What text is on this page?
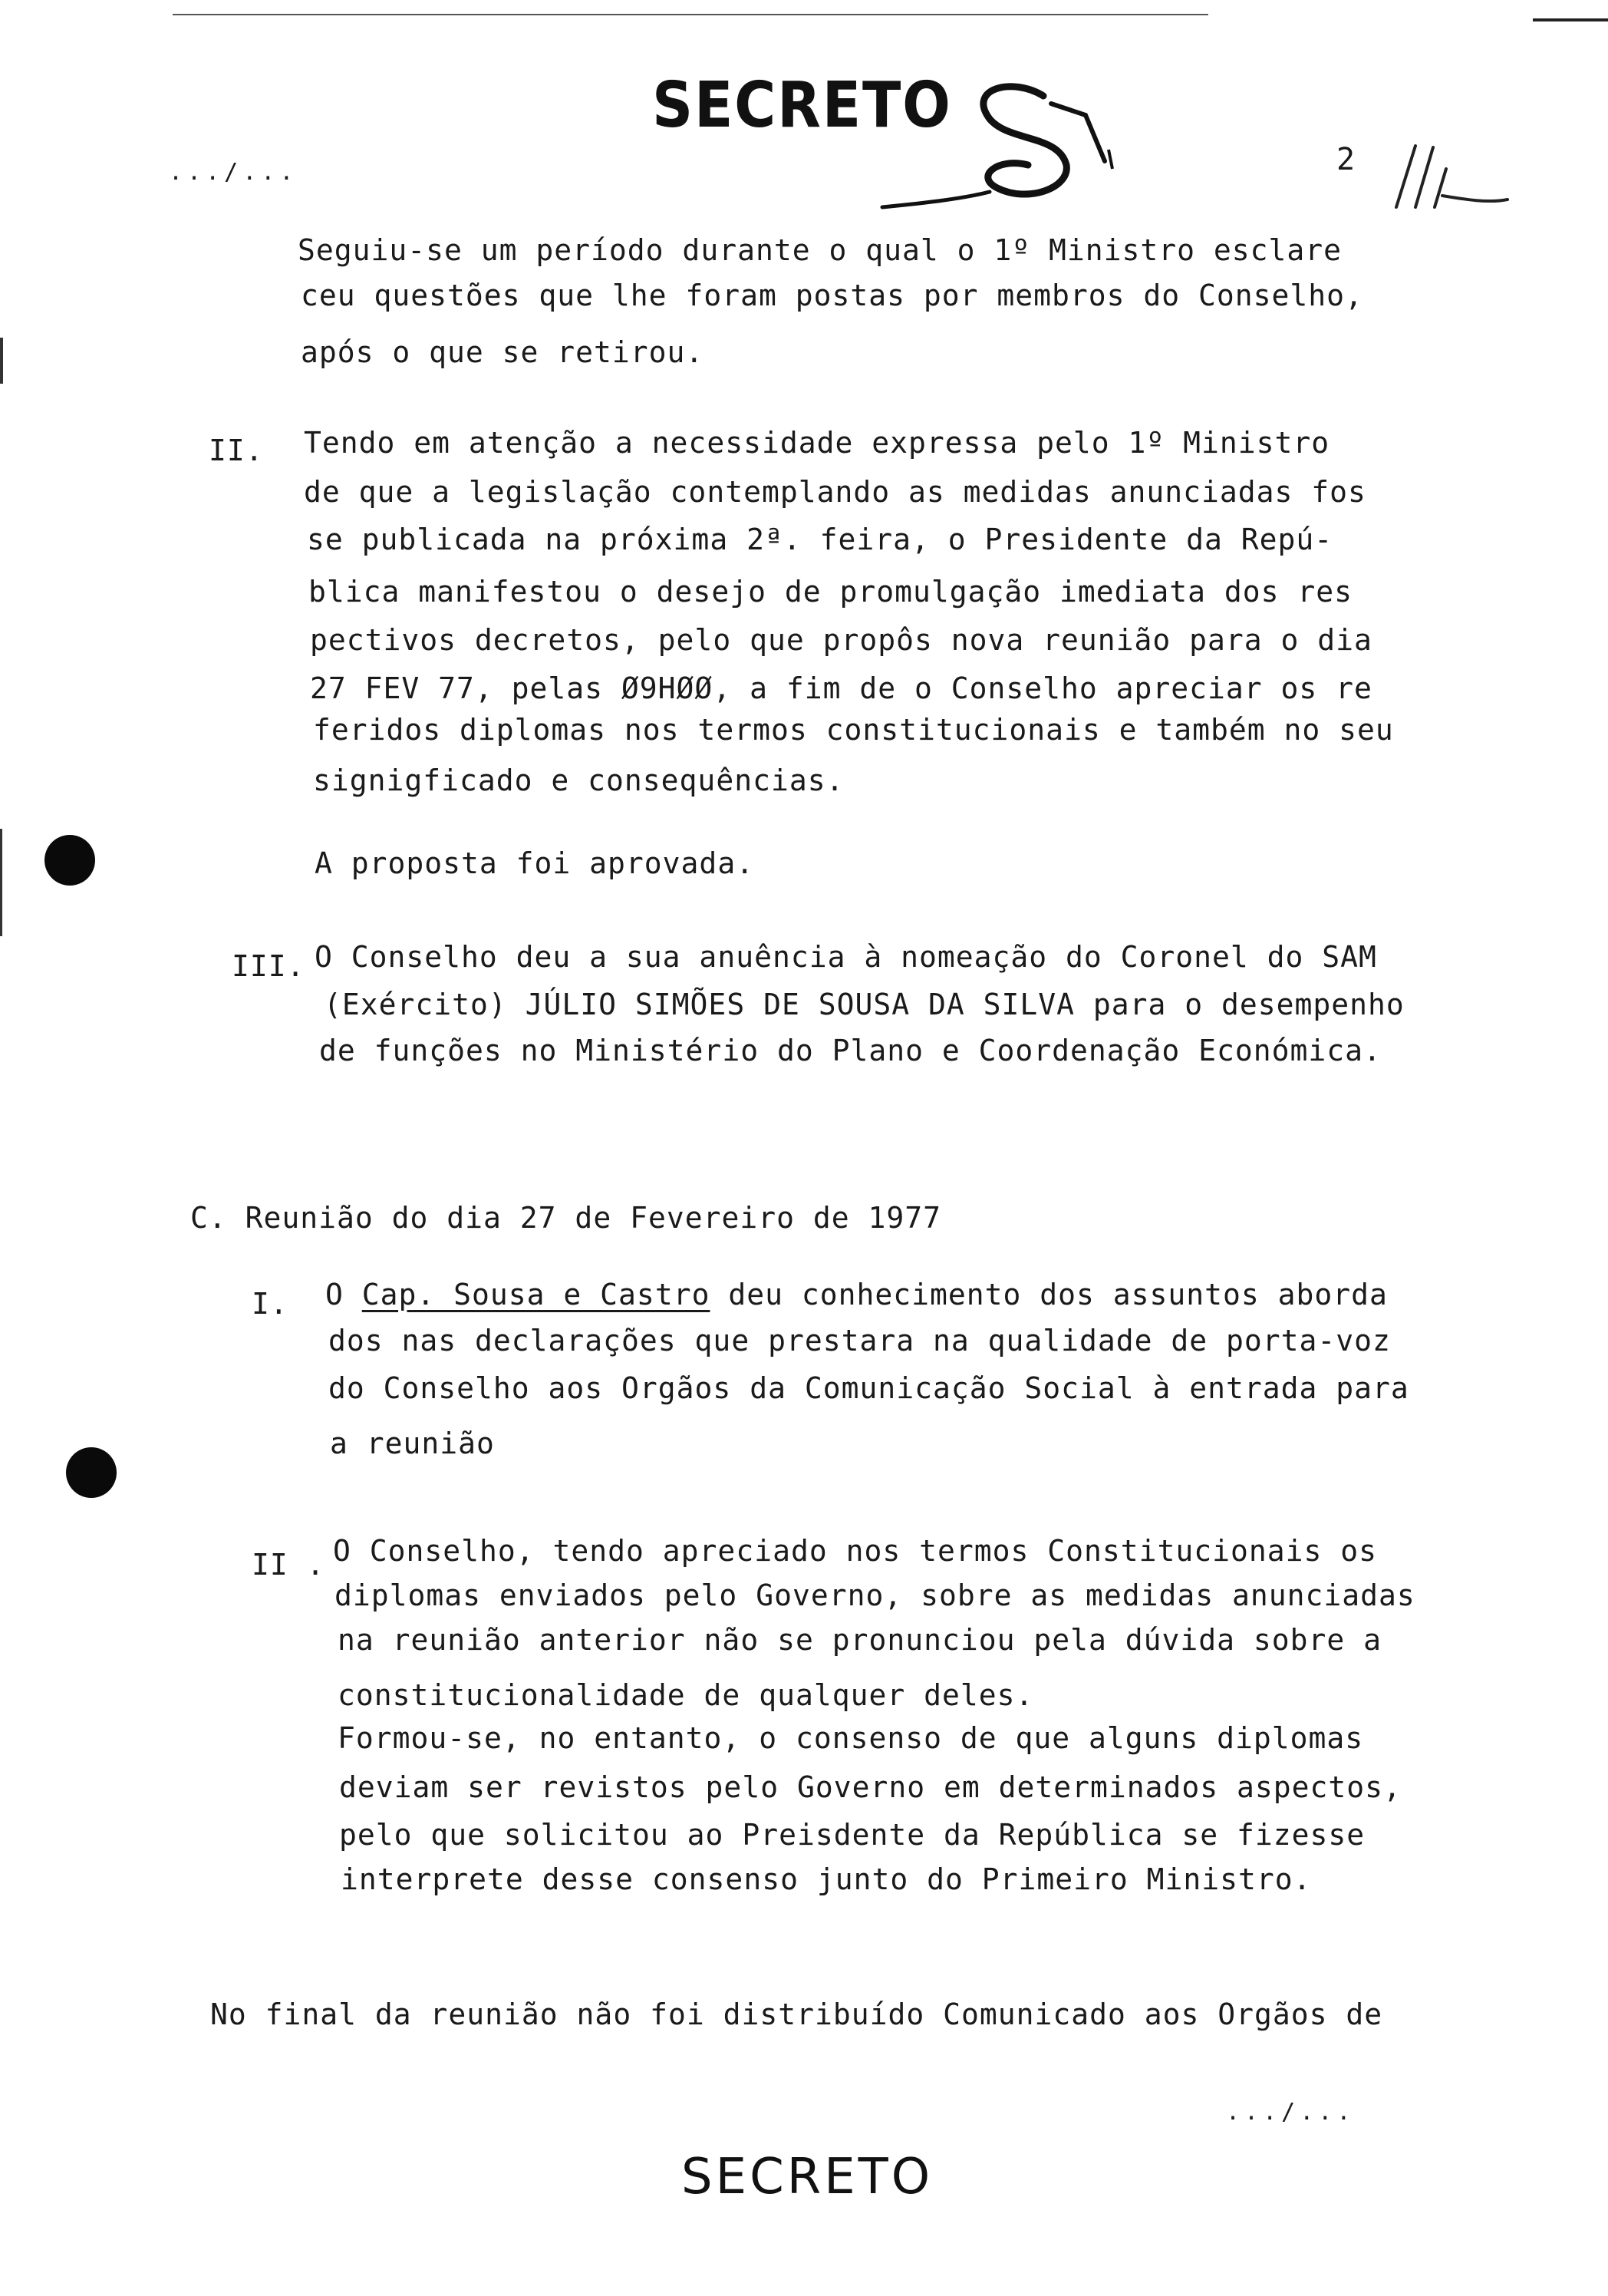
SECRETO
.../...	2
Seguiu-se um período durante o qual o 1º Ministro esclare
ceu questões que lhe foram postas por membros do Conselho,
após o que se retirou.
II. Tendo em atenção a necessidade expressa pelo 1º Ministro
de que a legislação contemplando as medidas anunciadas fos
se publicada na próxima 2ª. feira, o Presidente da Repú-
blica manifestou o desejo de promulgação imediata dos res
pectivos decretos, pelo que propôs nova reunião para o dia
27 FEV 77, pelas Ø9HØØ, a fim de o Conselho apreciar os re
feridos diplomas nos termos constitucionais e também no seu
signigficado e consequências.
A proposta foi aprovada.
III. O Conselho deu a sua anuência à nomeação do Coronel do SAM
(Exército) JÚLIO SIMÕES DE SOUSA DA SILVA para o desempenho
de funções no Ministério do Plano e Coordenação Económica.
C. Reunião do dia 27 de Fevereiro de 1977
I. O Cap. Sousa e Castro deu conhecimento dos assuntos aborda
dos nas declarações que prestara na qualidade de porta-voz
do Conselho aos Orgãos da Comunicação Social à entrada para
a reunião
II . O Conselho, tendo apreciado nos termos Constitucionais os
diplomas enviados pelo Governo, sobre as medidas anunciadas
na reunião anterior não se pronunciou pela dúvida sobre a
constitucionalidade de qualquer deles.
Formou-se, no entanto, o consenso de que alguns diplomas
deviam ser revistos pelo Governo em determinados aspectos,
pelo que solicitou ao Preisdente da República se fizesse
interprete desse consenso junto do Primeiro Ministro.
No final da reunião não foi distribuído Comunicado aos Orgãos de
.../...
SECRETO
